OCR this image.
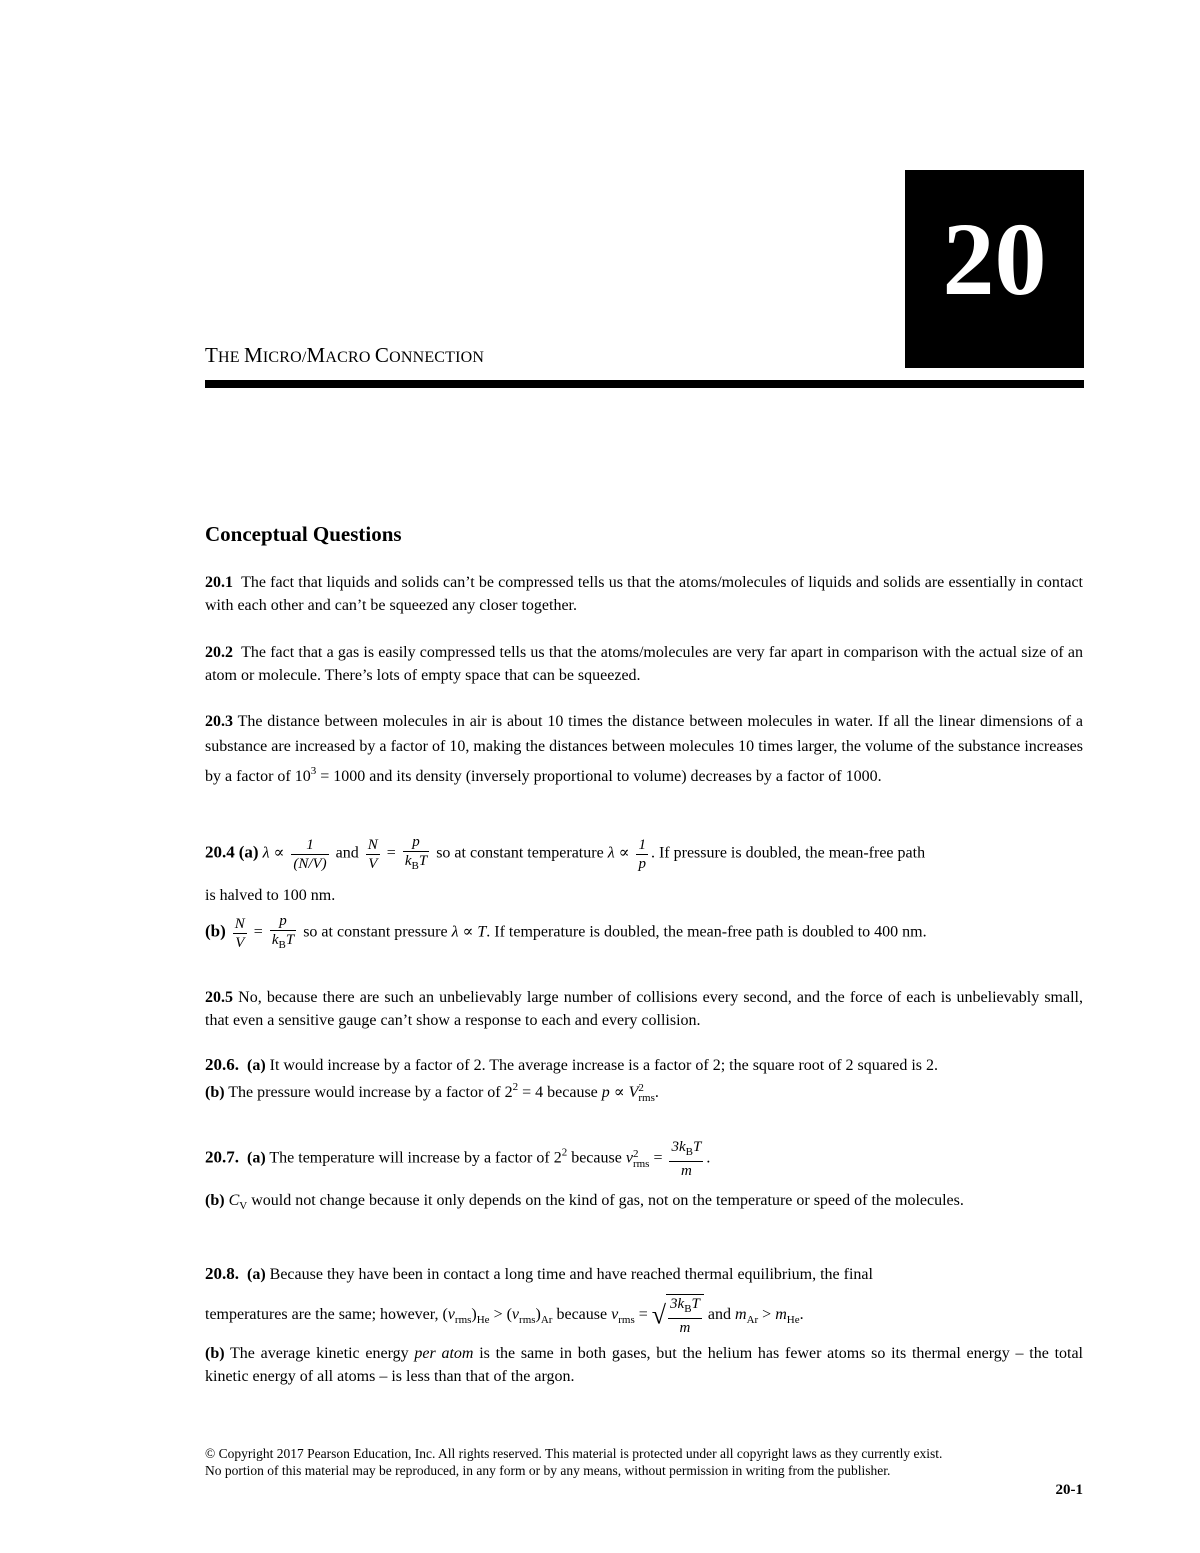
20
THE MICRO/MACRO CONNECTION
Conceptual Questions
20.1 The fact that liquids and solids can’t be compressed tells us that the atoms/molecules of liquids and solids are essentially in contact with each other and can’t be squeezed any closer together.
20.2 The fact that a gas is easily compressed tells us that the atoms/molecules are very far apart in comparison with the actual size of an atom or molecule. There’s lots of empty space that can be squeezed.
20.3 The distance between molecules in air is about 10 times the distance between molecules in water. If all the linear dimensions of a substance are increased by a factor of 10, making the distances between molecules 10 times larger, the volume of the substance increases by a factor of $10^3 = 1000$ and its density (inversely proportional to volume) decreases by a factor of 1000.
20.4 (a) $\lambda \propto \frac{1}{(N/V)}$ and $\frac{N}{V} = \frac{p}{k_BT}$ so at constant temperature $\lambda \propto \frac{1}{p}$ . If pressure is doubled, the mean-free path
is halved to 100 nm.
$(b) \frac{N}{V} = \frac{p}{k_BT}$ so at constant pressure λ ∝ T. If temperature is doubled, the mean-free path is doubled to 400 nm.
20.5 No, because there are such an unbelievably large number of collisions every second, and the force of each is unbelievably small, that even a sensitive gauge can’t show a response to each and every collision.
20.6. (a) It would increase by a factor of 2. The average increase is a factor of 2; the square root of 2 squared is 2.
(b) The pressure would increase by a factor of $2^2 = 4$ because p ∝ V 2
rms .
20.7. (a) The temperature will increase by a factor of $2^2$ because v 2
rms = $\frac{3k_BT}{m}$ .
(b) $C_V$ would not change because it only depends on the kind of gas, not on the temperature or speed of the molecules.
20.8. (a) Because they have been in contact a long time and have reached thermal equilibrium, the final
temperatures are the same; however, $(v_{rms})_{He} > (v_{rms})_{Ar}$ because $v_{rms}$ = √ $\frac{3k_BT}{m}$ and $m_{Ar} > m_{He}$.
(b) The average kinetic energy per atom is the same in both gases, but the helium has fewer atoms so its thermal energy – the total kinetic energy of all atoms – is less than that of the argon.
© Copyright 2017 Pearson Education, Inc. All rights reserved. This material is protected under all copyright laws as they currently exist.
No portion of this material may be reproduced, in any form or by any means, without permission in writing from the publisher.
20-1
